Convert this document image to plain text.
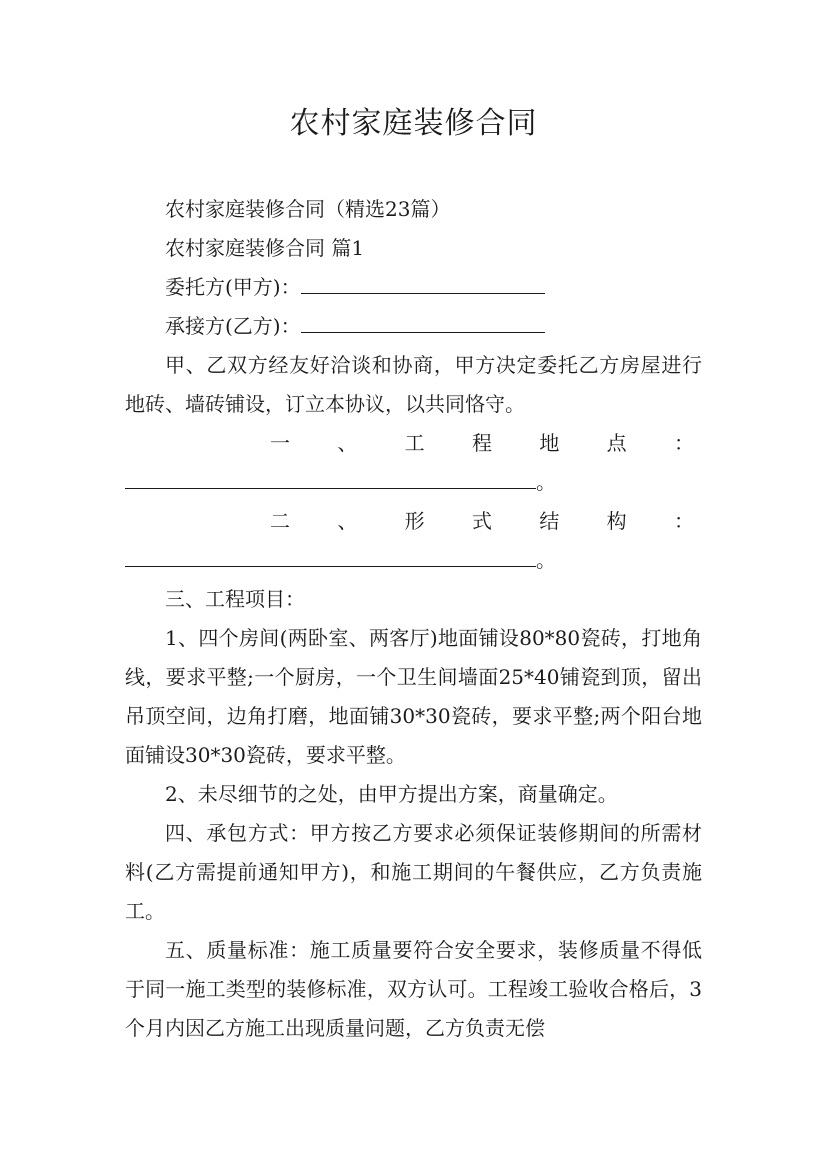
农村家庭装修合同

农村家庭装修合同（精选23篇）

农村家庭装修合同 篇1

委托方(甲方)：

承接方(乙方)：

甲、乙双方经友好洽谈和协商，甲方决定委托乙方房屋进行地砖、墙砖铺设，订立本协议，以共同恪守。

一 、 工 程 地 点 ：

。

二 、 形 式 结 构 ：

。

三、工程项目：

1、四个房间(两卧室、两客厅)地面铺设80*80瓷砖，打地角线，要求平整;一个厨房，一个卫生间墙面25*40铺瓷到顶，留出吊顶空间，边角打磨，地面铺30*30瓷砖，要求平整;两个阳台地面铺设30*30瓷砖，要求平整。

2、未尽细节的之处，由甲方提出方案，商量确定。

四、承包方式：甲方按乙方要求必须保证装修期间的所需材料(乙方需提前通知甲方)，和施工期间的午餐供应，乙方负责施工。

五、质量标准：施工质量要符合安全要求，装修质量不得低于同一施工类型的装修标准，双方认可。工程竣工验收合格后，3个月内因乙方施工出现质量问题，乙方负责无偿
